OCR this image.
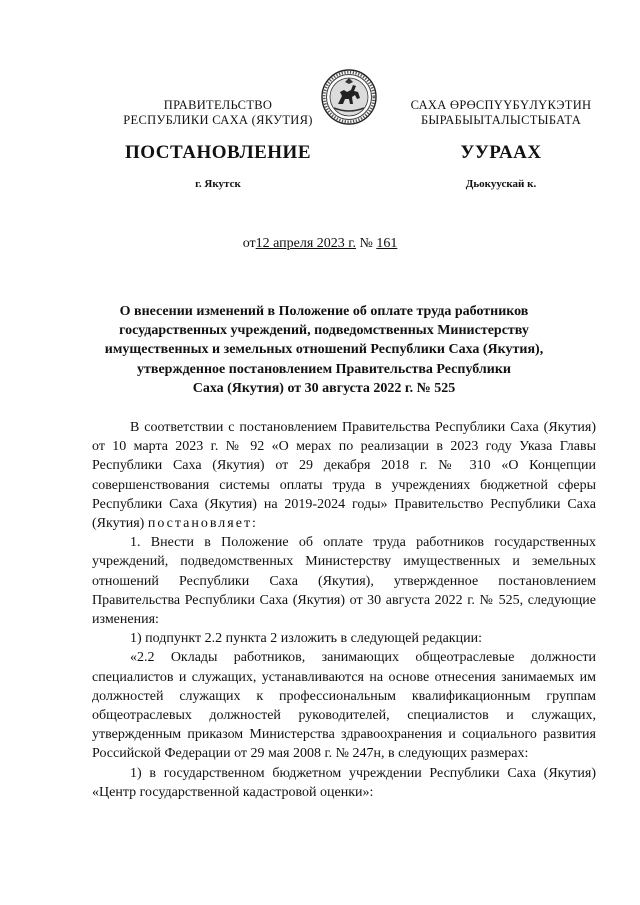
ПРАВИТЕЛЬСТВО
РЕСПУБЛИКИ САХА (ЯКУТИЯ)
САХА ӨРӨСПҮҮБҮЛҮКЭТИН
БЫРАБЫЫТАЛЫСТЫБАТА
ПОСТАНОВЛЕНИЕ	УУРААХ
г. Якутск	Дьокуускай к.
от12 апреля 2023 г. № 161
О внесении изменений в Положение об оплате труда работников
государственных учреждений, подведомственных Министерству
имущественных и земельных отношений Республики Саха (Якутия),
утвержденное постановлением Правительства Республики
Саха (Якутия) от 30 августа 2022 г. № 525

В соответствии с постановлением Правительства Республики Саха (Якутия) от 10 марта 2023 г. № 92 «О мерах по реализации в 2023 году Указа Главы Республики Саха (Якутия) от 29 декабря 2018 г. № 310 «О Концепции совершенствования системы оплаты труда в учреждениях бюджетной сферы Республики Саха (Якутия) на 2019-2024 годы» Правительство Республики Саха (Якутия) постановляет:

1. Внести в Положение об оплате труда работников государственных учреждений, подведомственных Министерству имущественных и земельных отношений Республики Саха (Якутия), утвержденное постановлением Правительства Республики Саха (Якутия) от 30 августа 2022 г. № 525, следующие изменения:

1) подпункт 2.2 пункта 2 изложить в следующей редакции:

«2.2 Оклады работников, занимающих общеотраслевые должности специалистов и служащих, устанавливаются на основе отнесения занимаемых им должностей служащих к профессиональным квалификационным группам общеотраслевых должностей руководителей, специалистов и служащих, утвержденным приказом Министерства здравоохранения и социального развития Российской Федерации от 29 мая 2008 г. № 247н, в следующих размерах:

1) в государственном бюджетном учреждении Республики Саха (Якутия) «Центр государственной кадастровой оценки»:
